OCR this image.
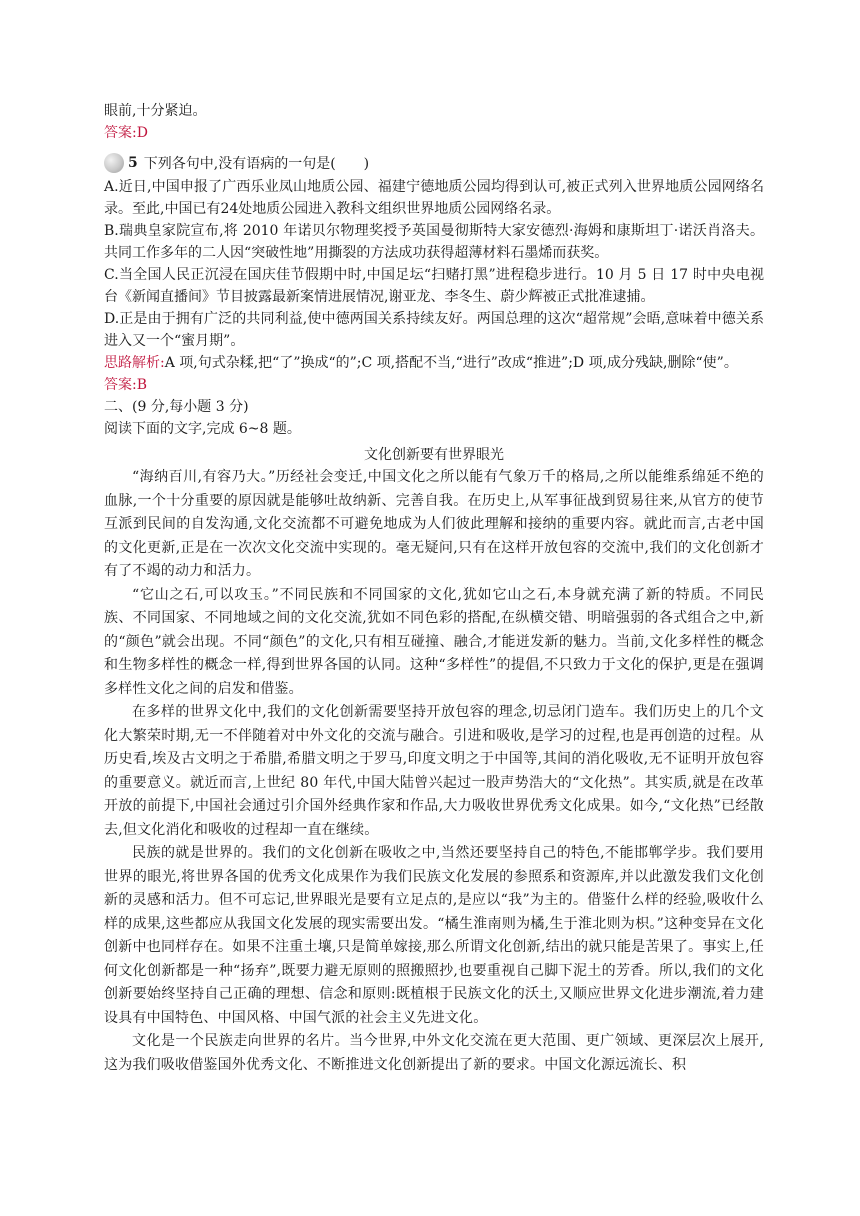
眼前,十分紧迫。

答案:D

5 下列各句中,没有语病的一句是(　　)

A.近日,中国申报了广西乐业凤山地质公园、福建宁德地质公园均得到认可,被正式列入世界地质公园网络名录。至此,中国已有24处地质公园进入教科文组织世界地质公园网络名录。

B.瑞典皇家院宣布,将 2010 年诺贝尔物理奖授予英国曼彻斯特大家安德烈·海姆和康斯坦丁·诺沃肖洛夫。共同工作多年的二人因“突破性地”用撕裂的方法成功获得超薄材料石墨烯而获奖。

C.当全国人民正沉浸在国庆佳节假期中时,中国足坛“扫赌打黑”进程稳步进行。10 月 5 日 17 时中央电视台《新闻直播间》节目披露最新案情进展情况,谢亚龙、李冬生、蔚少辉被正式批准逮捕。

D.正是由于拥有广泛的共同利益,使中德两国关系持续友好。两国总理的这次“超常规”会晤,意味着中德关系进入又一个“蜜月期”。

思路解析:A 项,句式杂糅,把“了”换成“的”;C 项,搭配不当,“进行”改成“推进”;D 项,成分残缺,删除“使”。

答案:B

二、(9 分,每小题 3 分)

阅读下面的文字,完成 6~8 题。

文化创新要有世界眼光

“海纳百川,有容乃大。”历经社会变迁,中国文化之所以能有气象万千的格局,之所以能维系绵延不绝的血脉,一个十分重要的原因就是能够吐故纳新、完善自我。在历史上,从军事征战到贸易往来,从官方的使节互派到民间的自发沟通,文化交流都不可避免地成为人们彼此理解和接纳的重要内容。就此而言,古老中国的文化更新,正是在一次次文化交流中实现的。毫无疑问,只有在这样开放包容的交流中,我们的文化创新才有了不竭的动力和活力。

“它山之石,可以攻玉。”不同民族和不同国家的文化,犹如它山之石,本身就充满了新的特质。不同民族、不同国家、不同地域之间的文化交流,犹如不同色彩的搭配,在纵横交错、明暗强弱的各式组合之中,新的“颜色”就会出现。不同“颜色”的文化,只有相互碰撞、融合,才能迸发新的魅力。当前,文化多样性的概念和生物多样性的概念一样,得到世界各国的认同。这种“多样性”的提倡,不只致力于文化的保护,更是在强调多样性文化之间的启发和借鉴。

在多样的世界文化中,我们的文化创新需要坚持开放包容的理念,切忌闭门造车。我们历史上的几个文化大繁荣时期,无一不伴随着对中外文化的交流与融合。引进和吸收,是学习的过程,也是再创造的过程。从历史看,埃及古文明之于希腊,希腊文明之于罗马,印度文明之于中国等,其间的消化吸收,无不证明开放包容的重要意义。就近而言,上世纪 80 年代,中国大陆曾兴起过一股声势浩大的“文化热”。其实质,就是在改革开放的前提下,中国社会通过引介国外经典作家和作品,大力吸收世界优秀文化成果。如今,“文化热”已经散去,但文化消化和吸收的过程却一直在继续。

民族的就是世界的。我们的文化创新在吸收之中,当然还要坚持自己的特色,不能邯郸学步。我们要用世界的眼光,将世界各国的优秀文化成果作为我们民族文化发展的参照系和资源库,并以此激发我们文化创新的灵感和活力。但不可忘记,世界眼光是要有立足点的,是应以“我”为主的。借鉴什么样的经验,吸收什么样的成果,这些都应从我国文化发展的现实需要出发。“橘生淮南则为橘,生于淮北则为枳。”这种变异在文化创新中也同样存在。如果不注重土壤,只是简单嫁接,那么所谓文化创新,结出的就只能是苦果了。事实上,任何文化创新都是一种“扬弃”,既要力避无原则的照搬照抄,也要重视自己脚下泥土的芳香。所以,我们的文化创新要始终坚持自己正确的理想、信念和原则:既植根于民族文化的沃土,又顺应世界文化进步潮流,着力建设具有中国特色、中国风格、中国气派的社会主义先进文化。

文化是一个民族走向世界的名片。当今世界,中外文化交流在更大范围、更广领域、更深层次上展开,这为我们吸收借鉴国外优秀文化、不断推进文化创新提出了新的要求。中国文化源远流长、积
